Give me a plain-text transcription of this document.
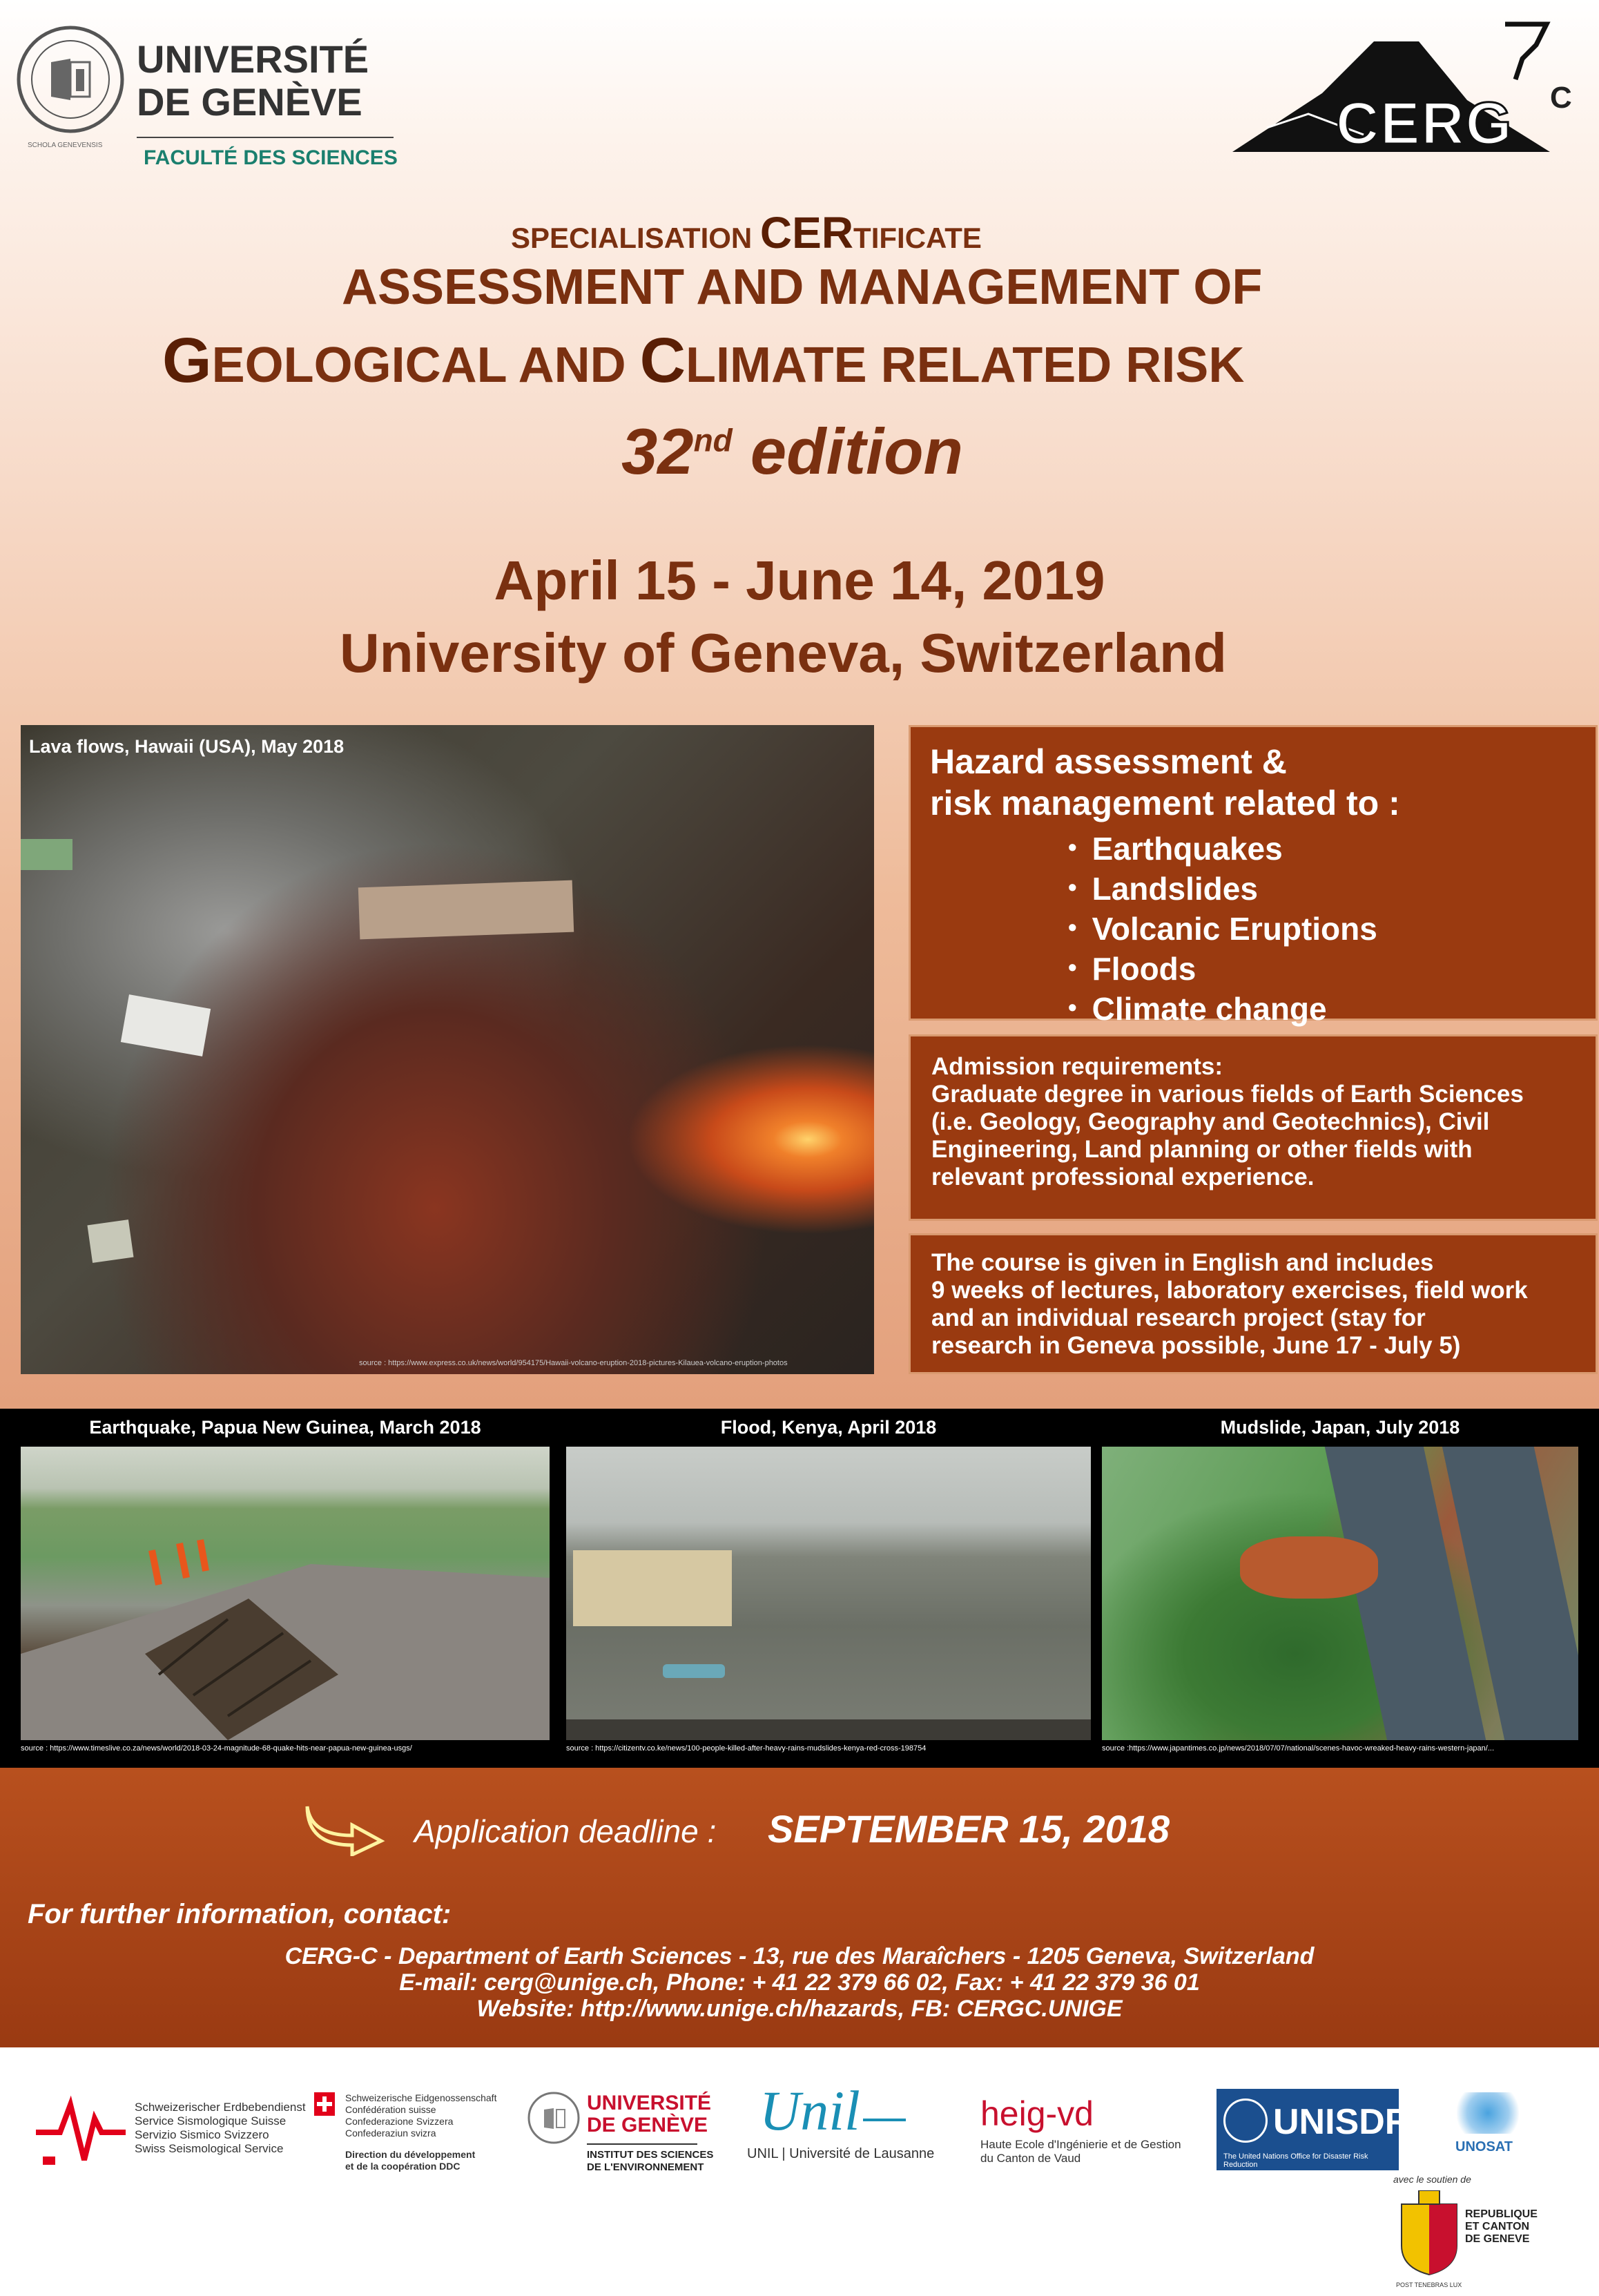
UNIVERSITÉ
DE GENÈVE
FACULTÉ DES SCIENCES
CERG C
SPECIALISATION CERTIFICATE
ASSESSMENT AND MANAGEMENT OF
GEOLOGICAL AND CLIMATE RELATED RISK
32nd edition
April 15 - June 14, 2019
University of Geneva, Switzerland
Lava flows, Hawaii (USA), May 2018
source : https://www.express.co.uk/news/world/954175/Hawaii-volcano-eruption-2018-pictures-Kilauea-volcano-eruption-photos
Hazard assessment &
risk management related to :
• Earthquakes
• Landslides
• Volcanic Eruptions
• Floods
• Climate change
Admission requirements:
Graduate degree in various fields of Earth Sciences
(i.e. Geology, Geography and Geotechnics), Civil
Engineering, Land planning or other fields with
relevant professional experience.
The course is given in English and includes
9 weeks of lectures, laboratory exercises, field work
and an individual research project (stay for
research in Geneva possible, June 17 - July 5)
Earthquake, Papua New Guinea, March 2018	Flood, Kenya, April 2018	Mudslide, Japan, July 2018
source : https://www.timeslive.co.za/news/world/2018-03-24-magnitude-68-quake-hits-near-papua-new-guinea-usgs/	source : https://citizentv.co.ke/news/100-people-killed-after-heavy-rains-mudslides-kenya-red-cross-198754	source :https://www.japantimes.co.jp/news/2018/07/07/national/scenes-havoc-wreaked-heavy-rains-western-japan/...
Application deadline : SEPTEMBER 15, 2018
For further information, contact:
CERG-C - Department of Earth Sciences - 13, rue des Maraîchers - 1205 Geneva, Switzerland
E-mail: cerg@unige.ch, Phone: + 41 22 379 66 02, Fax: + 41 22 379 36 01
Website: http://www.unige.ch/hazards, FB: CERGC.UNIGE
Schweizerischer Erdbebendienst
Service Sismologique Suisse
Servizio Sismico Svizzero
Swiss Seismological Service
Schweizerische Eidgenossenschaft
Confédération suisse
Confederazione Svizzera
Confederaziun svizra
Direction du développement
et de la coopération DDC
UNIVERSITÉ
DE GENÈVE
INSTITUT DES SCIENCES
DE L'ENVIRONNEMENT
Unil
UNIL | Université de Lausanne
heig-vd
Haute Ecole d'Ingénierie et de Gestion
du Canton de Vaud
UNISDR
The United Nations Office for Disaster Risk Reduction
UNOSAT
avec le soutien de
REPUBLIQUE
ET CANTON
DE GENEVE
POST TENEBRAS LUX
SCHOLA GENEVENSIS
